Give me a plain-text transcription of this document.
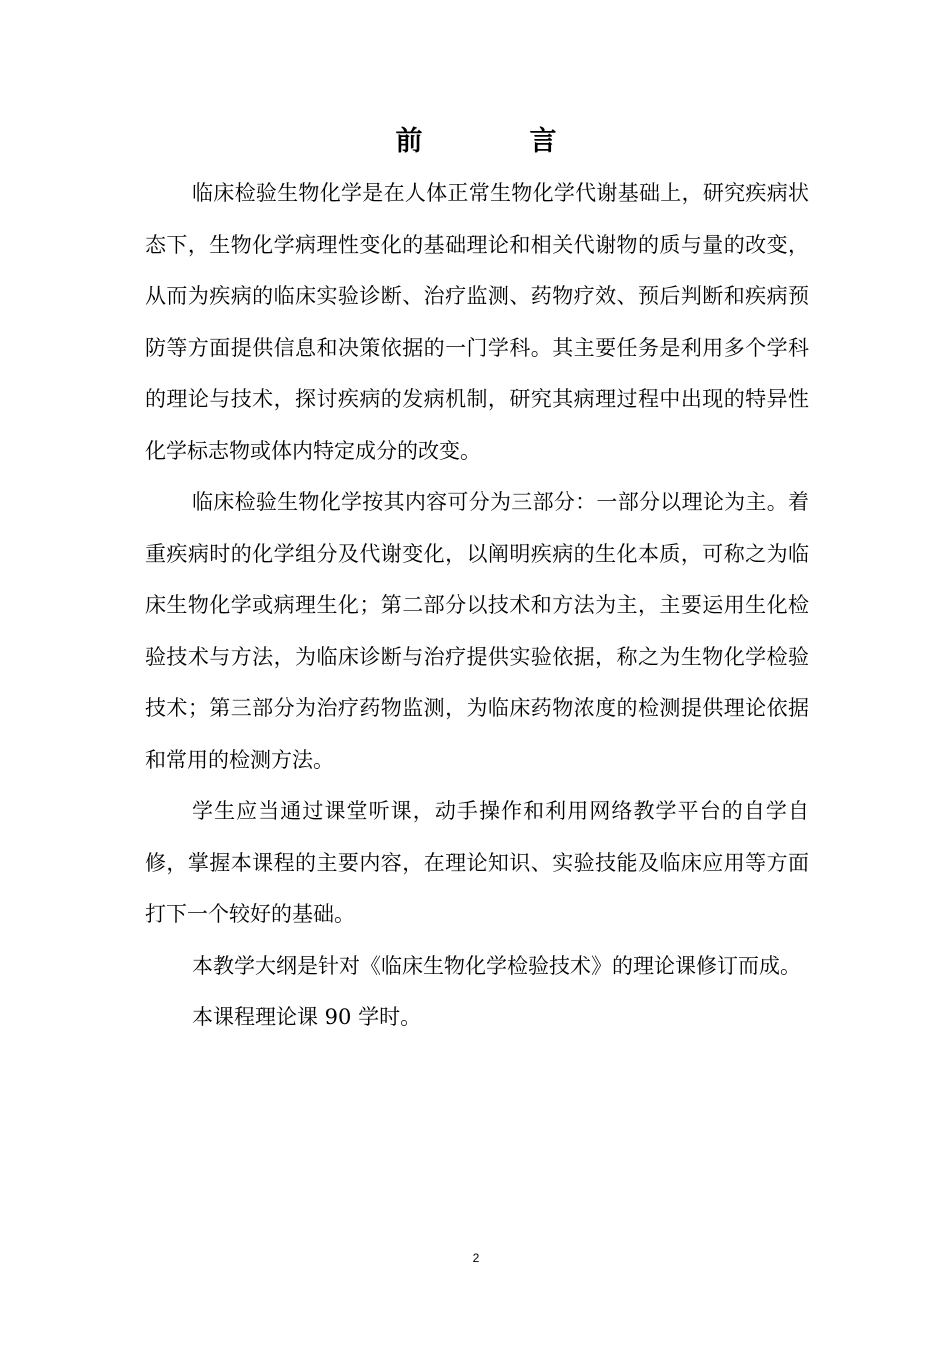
前　言

临床检验生物化学是在人体正常生物化学代谢基础上，研究疾病状态下，生物化学病理性变化的基础理论和相关代谢物的质与量的改变，从而为疾病的临床实验诊断、治疗监测、药物疗效、预后判断和疾病预防等方面提供信息和决策依据的一门学科。其主要任务是利用多个学科的理论与技术，探讨疾病的发病机制，研究其病理过程中出现的特异性化学标志物或体内特定成分的改变。

临床检验生物化学按其内容可分为三部分：一部分以理论为主。着重疾病时的化学组分及代谢变化，以阐明疾病的生化本质，可称之为临床生物化学或病理生化；第二部分以技术和方法为主，主要运用生化检验技术与方法，为临床诊断与治疗提供实验依据，称之为生物化学检验技术；第三部分为治疗药物监测，为临床药物浓度的检测提供理论依据和常用的检测方法。

学生应当通过课堂听课，动手操作和利用网络教学平台的自学自修，掌握本课程的主要内容，在理论知识、实验技能及临床应用等方面打下一个较好的基础。

本教学大纲是针对《临床生物化学检验技术》的理论课修订而成。

本课程理论课 90 学时。

2
